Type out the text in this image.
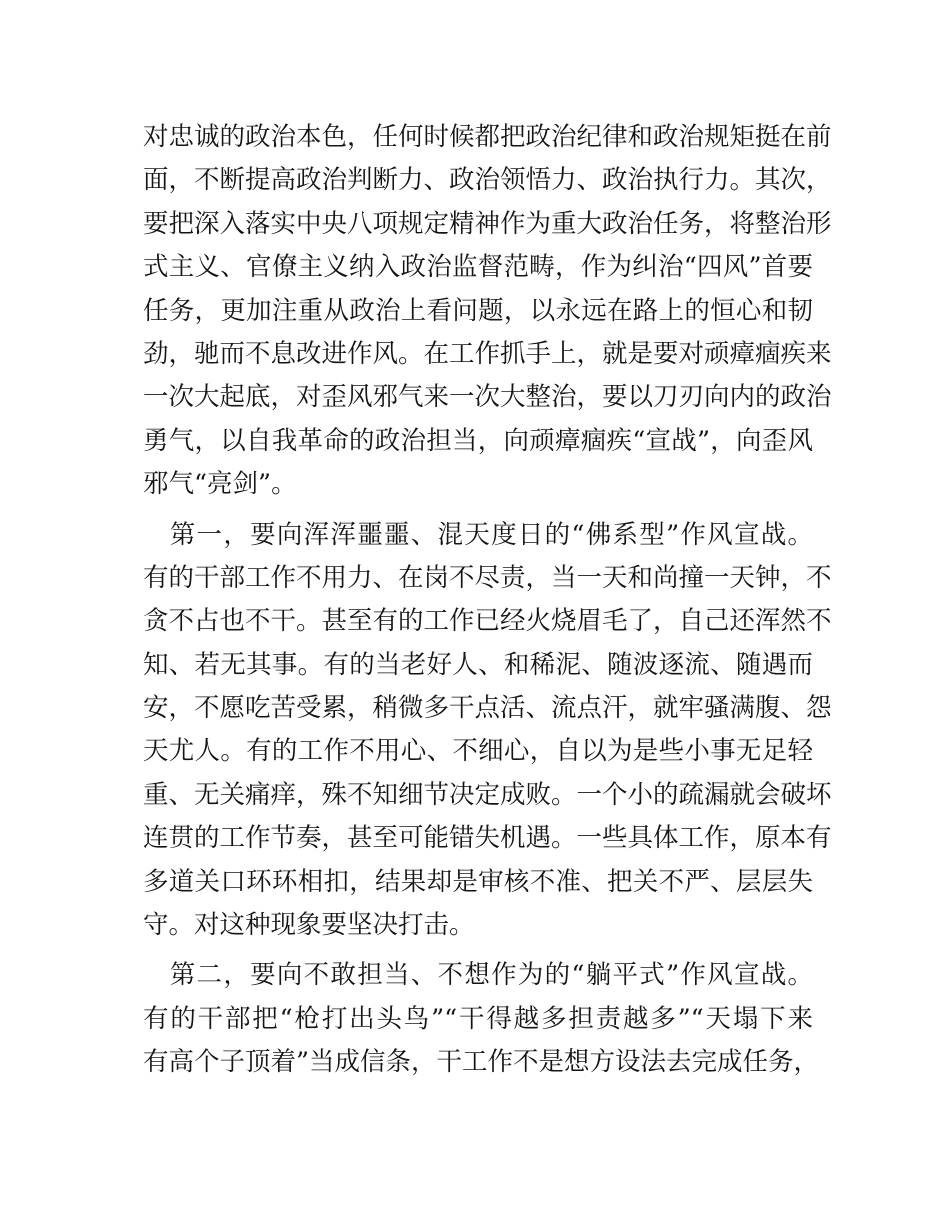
对忠诚的政治本色，任何时候都把政治纪律和政治规矩挺在前
面，不断提高政治判断力、政治领悟力、政治执行力。其次，
要把深入落实中央八项规定精神作为重大政治任务，将整治形
式主义、官僚主义纳入政治监督范畴，作为纠治“四风”首要
任务，更加注重从政治上看问题，以永远在路上的恒心和韧
劲，驰而不息改进作风。在工作抓手上，就是要对顽瘴痼疾来
一次大起底，对歪风邪气来一次大整治，要以刀刃向内的政治
勇气，以自我革命的政治担当，向顽瘴痼疾“宣战”，向歪风
邪气“亮剑”。
　第一，要向浑浑噩噩、混天度日的“佛系型”作风宣战。
有的干部工作不用力、在岗不尽责，当一天和尚撞一天钟，不
贪不占也不干。甚至有的工作已经火烧眉毛了，自己还浑然不
知、若无其事。有的当老好人、和稀泥、随波逐流、随遇而
安，不愿吃苦受累，稍微多干点活、流点汗，就牢骚满腹、怨
天尤人。有的工作不用心、不细心，自以为是些小事无足轻
重、无关痛痒，殊不知细节决定成败。一个小的疏漏就会破坏
连贯的工作节奏，甚至可能错失机遇。一些具体工作，原本有
多道关口环环相扣，结果却是审核不准、把关不严、层层失
守。对这种现象要坚决打击。
　第二，要向不敢担当、不想作为的“躺平式”作风宣战。
有的干部把“枪打出头鸟”“干得越多担责越多”“天塌下来
有高个子顶着”当成信条，干工作不是想方设法去完成任务，
